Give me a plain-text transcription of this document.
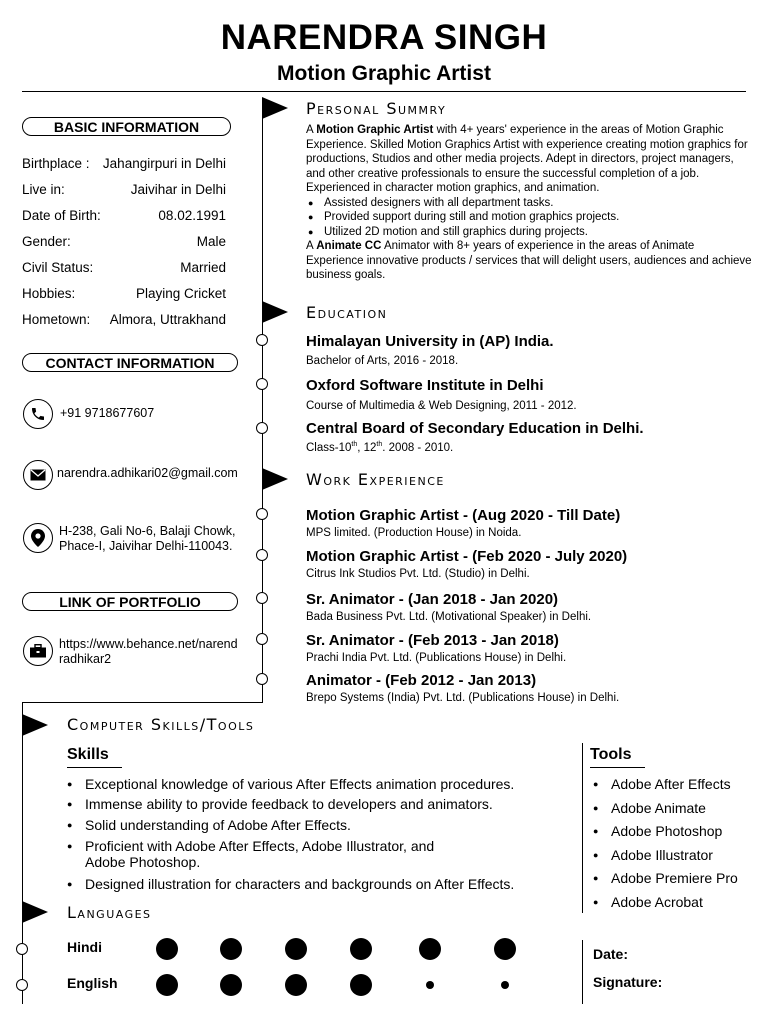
NARENDRA SINGH
Motion Graphic Artist
BASIC INFORMATION
Birthplace : Jahangirpuri in Delhi
Live in:	Jaivihar in Delhi
Date of Birth:	08.02.1991
Gender:	Male
Civil Status:	Married
Hobbies:	Playing Cricket
Hometown: Almora, Uttrakhand
CONTACT INFORMATION
+91 9718677607
narendra.adhikari02@gmail.com
H-238, Gali No-6, Balaji Chowk,
Phace-I, Jaivihar Delhi-110043.
LINK OF PORTFOLIO
https://www.behance.net/narend
radhikar2
Personal Summry
A Motion Graphic Artist with 4+ years' experience in the areas of Motion Graphic Experience. Skilled Motion Graphics Artist with experience creating motion graphics for productions, Studios and other media projects. Adept in directors, project managers, and other creative professionals to ensure the successful completion of a job. Experienced in character motion graphics, and animation.
● Assisted designers with all department tasks.
● Provided support during still and motion graphics projects.
● Utilized 2D motion and still graphics during projects.
A Animate CC Animator with 8+ years of experience in the areas of Animate Experience innovative products / services that will delight users, audiences and achieve business goals.
Education
Himalayan University in (AP) India.
Bachelor of Arts, 2016 - 2018.
Oxford Software Institute in Delhi
Course of Multimedia & Web Designing, 2011 - 2012.
Central Board of Secondary Education in Delhi.
Class-10th, 12th. 2008 - 2010.
Work Experience
Motion Graphic Artist - (Aug 2020 - Till Date)
MPS limited. (Production House) in Noida.
Motion Graphic Artist - (Feb 2020 - July 2020)
Citrus Ink Studios Pvt. Ltd. (Studio) in Delhi.
Sr. Animator - (Jan 2018 - Jan 2020)
Bada Business Pvt. Ltd. (Motivational Speaker) in Delhi.
Sr. Animator - (Feb 2013 - Jan 2018)
Prachi India Pvt. Ltd. (Publications House) in Delhi.
Animator - (Feb 2012 - Jan 2013)
Brepo Systems (India) Pvt. Ltd. (Publications House) in Delhi.
Computer Skills/Tools
Skills
● Exceptional knowledge of various After Effects animation procedures.
● Immense ability to provide feedback to developers and animators.
● Solid understanding of Adobe After Effects.
● Proficient with Adobe After Effects, Adobe Illustrator, and
Adobe Photoshop.
● Designed illustration for characters and backgrounds on After Effects.
Tools
● Adobe After Effects
● Adobe Animate
● Adobe Photoshop
● Adobe Illustrator
● Adobe Premiere Pro
● Adobe Acrobat
Languages
Hindi
English
Date:
Signature:
